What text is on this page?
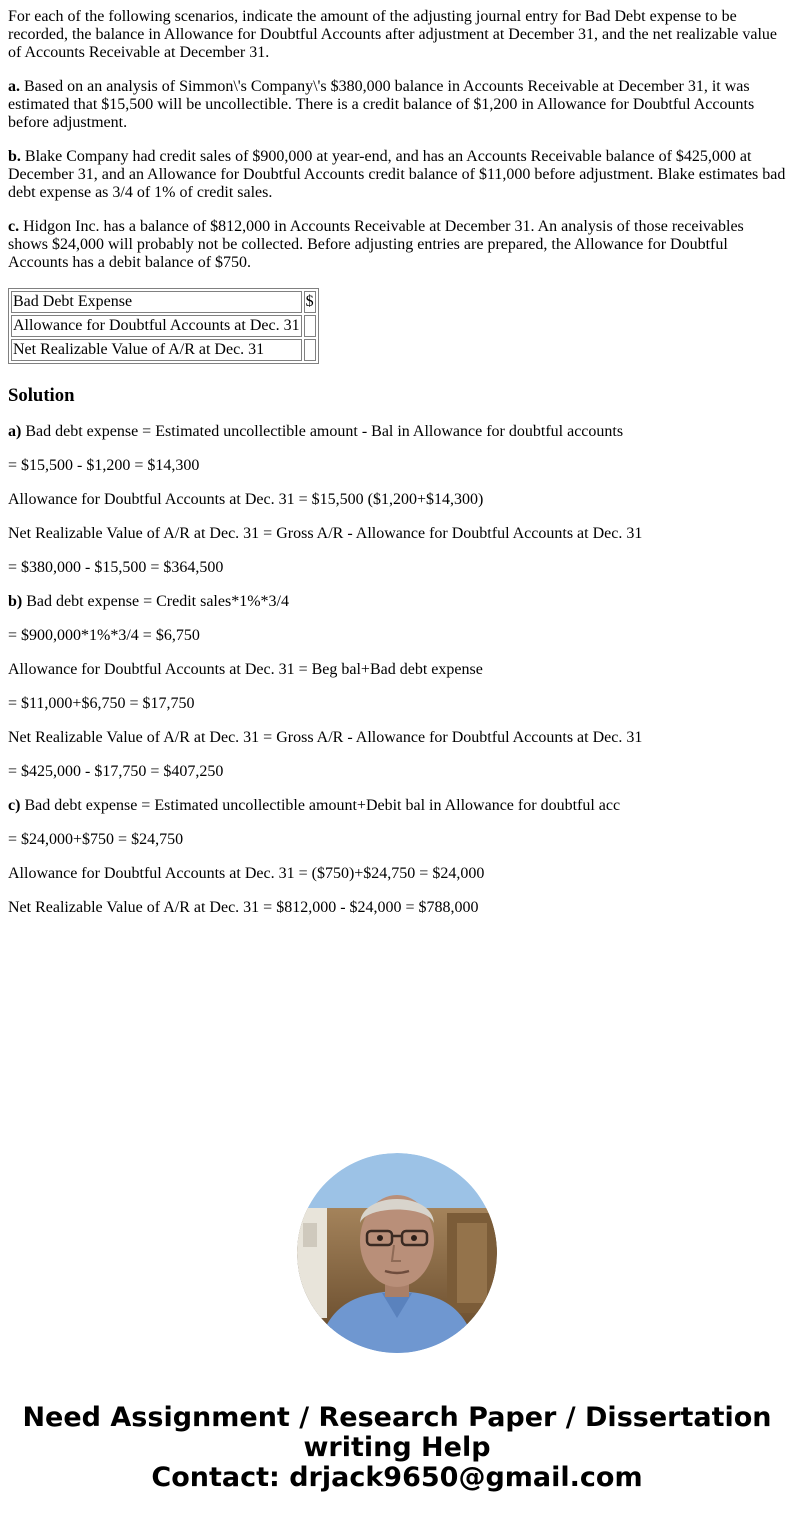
For each of the following scenarios, indicate the amount of the adjusting journal entry for Bad Debt expense to be recorded, the balance in Allowance for Doubtful Accounts after adjustment at December 31, and the net realizable value of Accounts Receivable at December 31.

a. Based on an analysis of Simmon\'s Company\'s $380,000 balance in Accounts Receivable at December 31, it was estimated that $15,500 will be uncollectible. There is a credit balance of $1,200 in Allowance for Doubtful Accounts before adjustment.

b. Blake Company had credit sales of $900,000 at year-end, and has an Accounts Receivable balance of $425,000 at December 31, and an Allowance for Doubtful Accounts credit balance of $11,000 before adjustment. Blake estimates bad debt expense as 3/4 of 1% of credit sales.

c. Hidgon Inc. has a balance of $812,000 in Accounts Receivable at December 31. An analysis of those receivables shows $24,000 will probably not be collected. Before adjusting entries are prepared, the Allowance for Doubtful Accounts has a debit balance of $750.

Bad Debt Expense	$
Allowance for Doubtful Accounts at Dec. 31	
Net Realizable Value of A/R at Dec. 31	
Solution

a) Bad debt expense = Estimated uncollectible amount - Bal in Allowance for doubtful accounts

= $15,500 - $1,200 = $14,300

Allowance for Doubtful Accounts at Dec. 31 = $15,500 ($1,200+$14,300)

Net Realizable Value of A/R at Dec. 31 = Gross A/R - Allowance for Doubtful Accounts at Dec. 31

= $380,000 - $15,500 = $364,500

b) Bad debt expense = Credit sales*1%*3/4

= $900,000*1%*3/4 = $6,750

Allowance for Doubtful Accounts at Dec. 31 = Beg bal+Bad debt expense

= $11,000+$6,750 = $17,750

Net Realizable Value of A/R at Dec. 31 = Gross A/R - Allowance for Doubtful Accounts at Dec. 31

= $425,000 - $17,750 = $407,250

c) Bad debt expense = Estimated uncollectible amount+Debit bal in Allowance for doubtful acc

= $24,000+$750 = $24,750

Allowance for Doubtful Accounts at Dec. 31 = ($750)+$24,750 = $24,000

Net Realizable Value of A/R at Dec. 31 = $812,000 - $24,000 = $788,000

Need Assignment / Research Paper / Dissertation
writing Help
Contact: drjack9650@gmail.com
